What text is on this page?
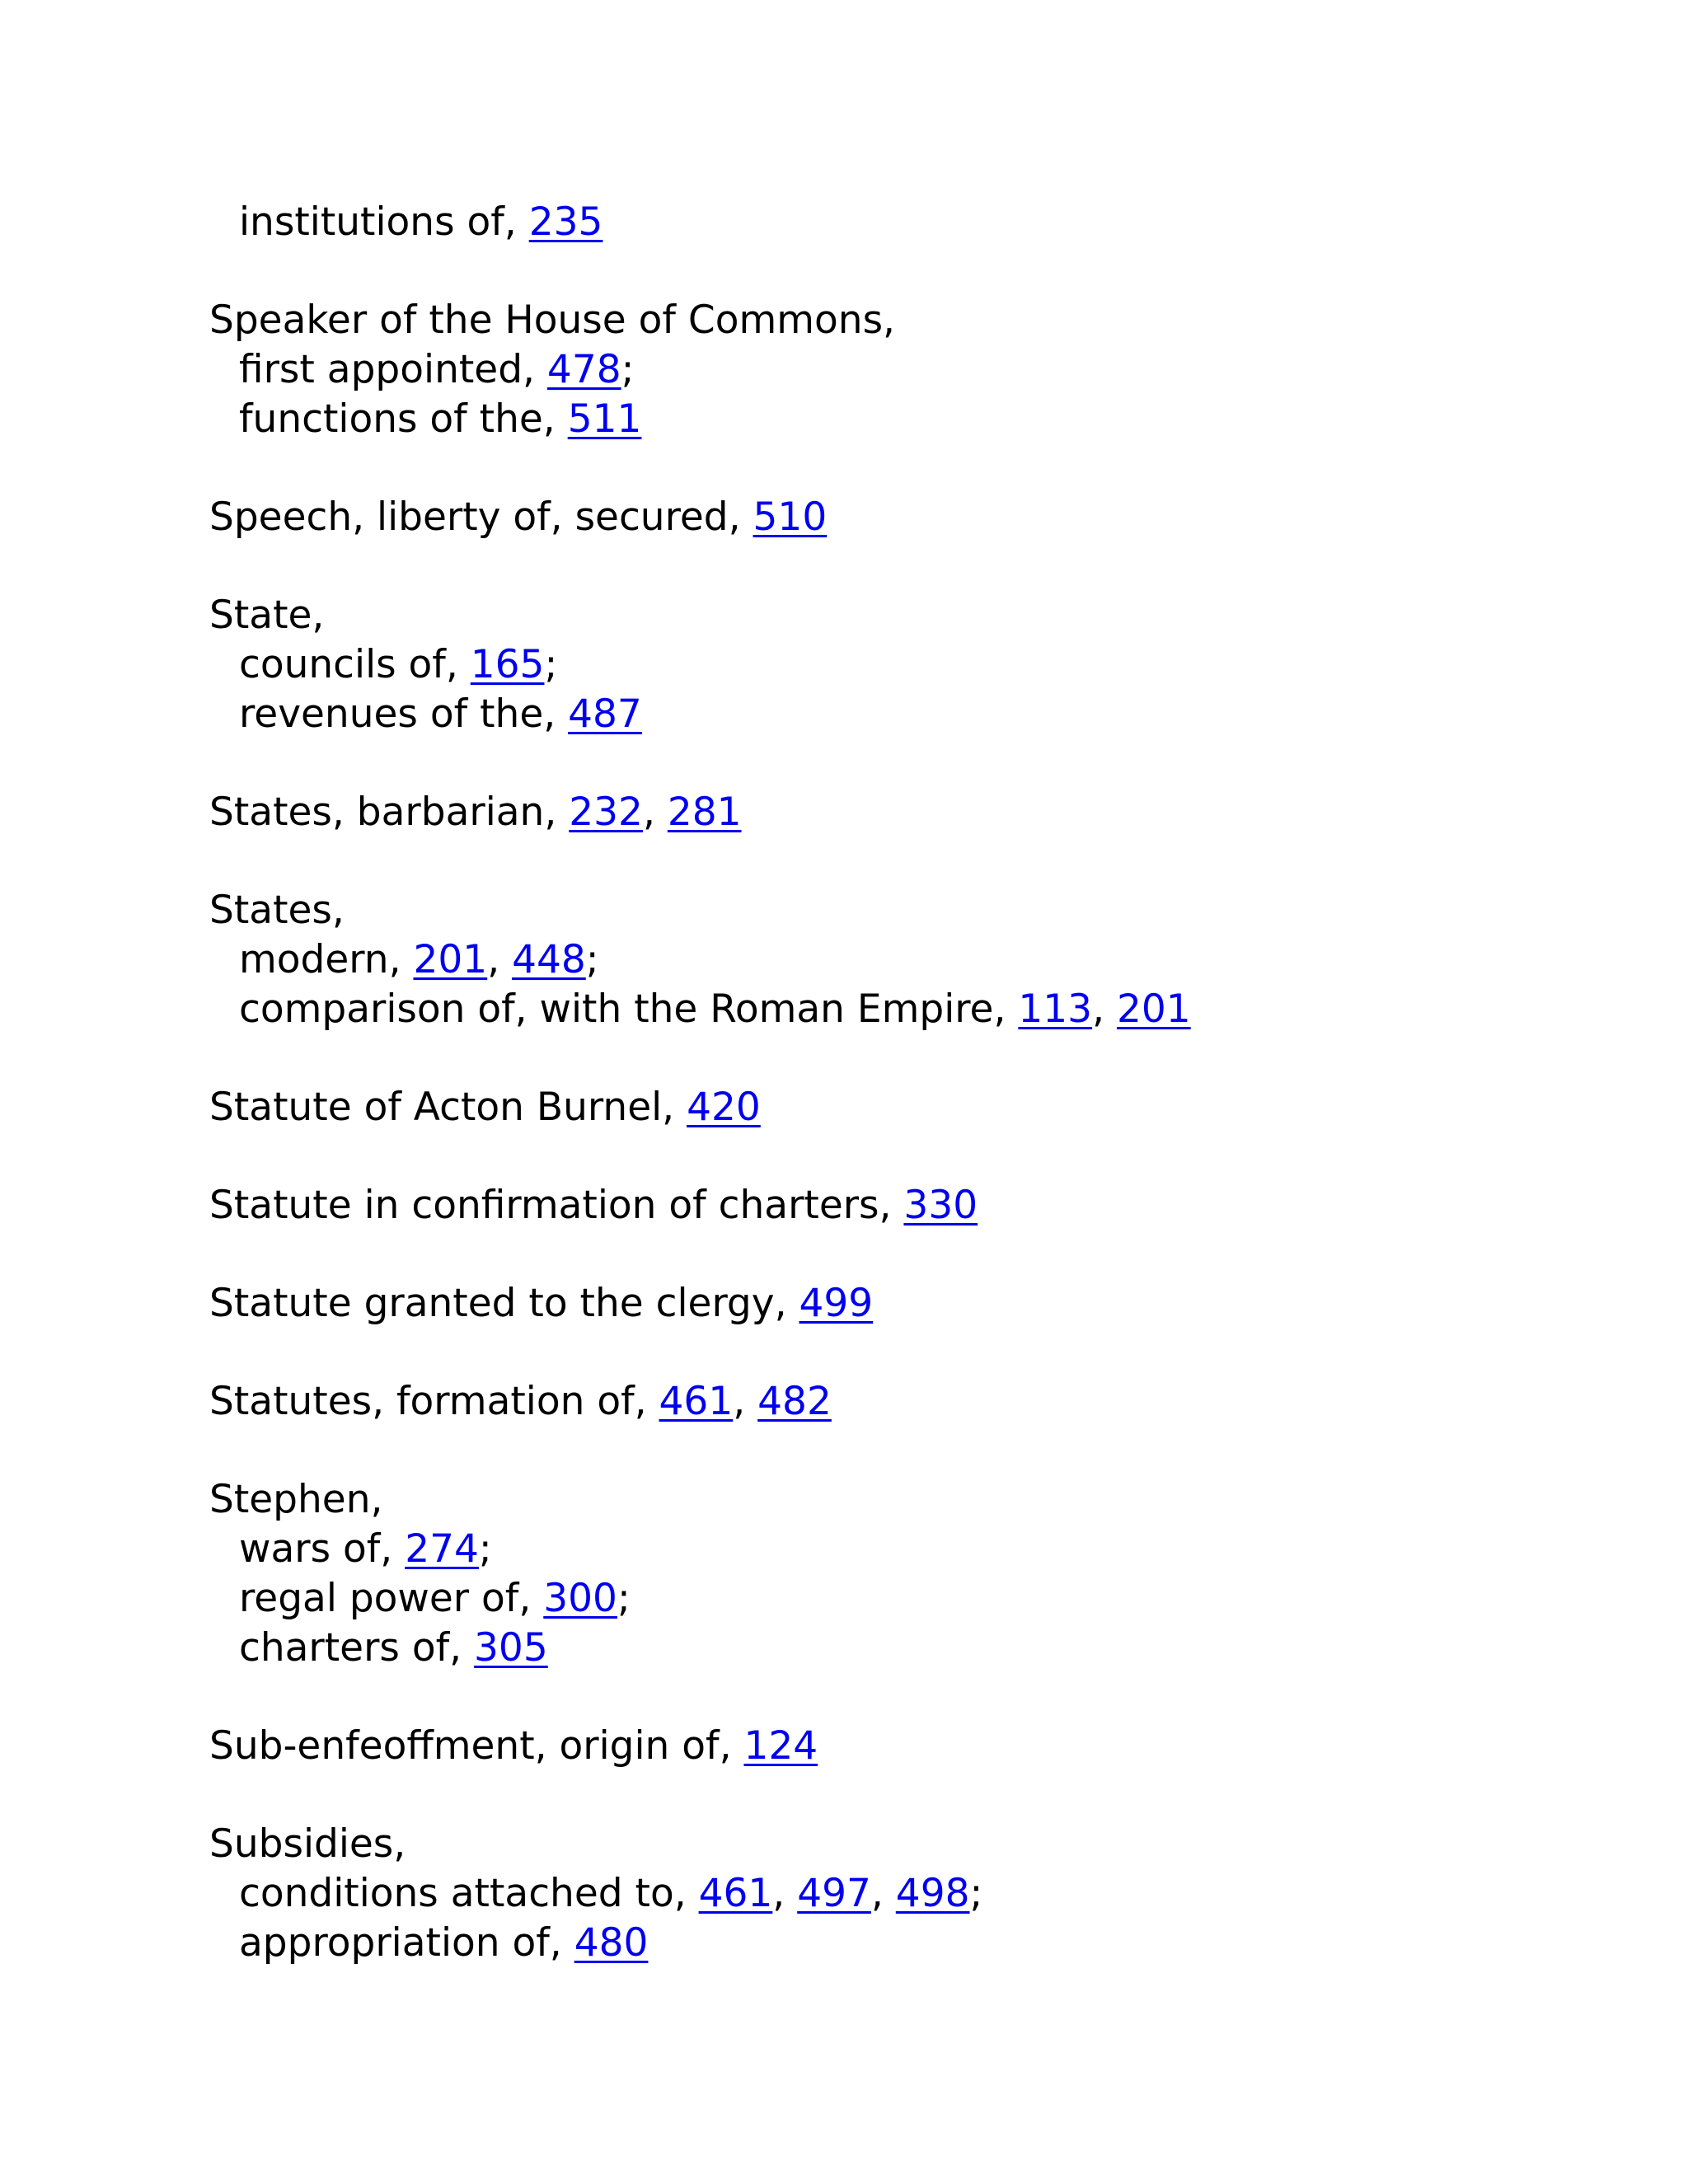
institutions of, 235
Speaker of the House of Commons,
first appointed, 478;
functions of the, 511
Speech, liberty of, secured, 510
State,
councils of, 165;
revenues of the, 487
States, barbarian, 232, 281
States,
modern, 201, 448;
comparison of, with the Roman Empire, 113, 201
Statute of Acton Burnel, 420
Statute in confirmation of charters, 330
Statute granted to the clergy, 499
Statutes, formation of, 461, 482
Stephen,
wars of, 274;
regal power of, 300;
charters of, 305
Sub-enfeoffment, origin of, 124
Subsidies,
conditions attached to, 461, 497, 498;
appropriation of, 480
